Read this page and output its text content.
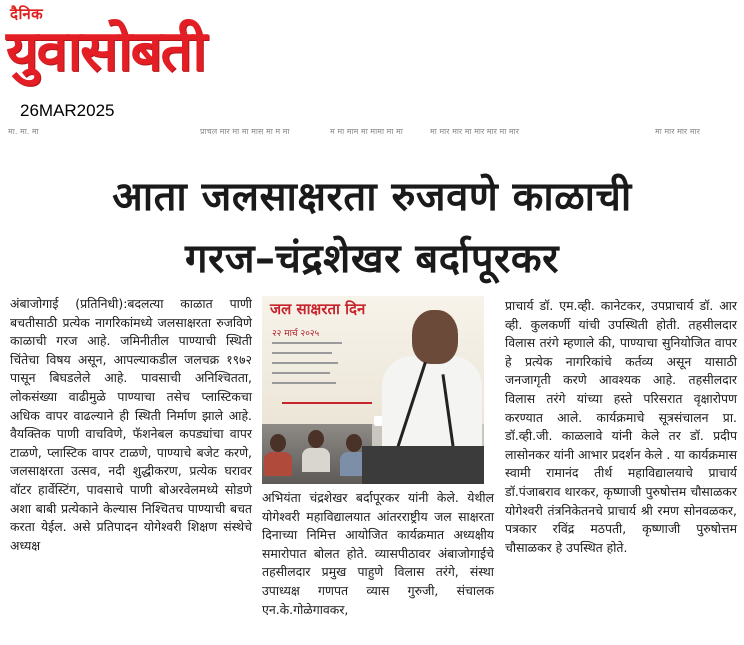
दैनिक
युवासोबती
26MAR2025
मा. मा. मा	प्राचल मार मा मा मास मा म मा	म मा माम मा मामा मा मा	मा मार मार मा मार मार मा मार	मा मार मार मार
आता जलसाक्षरता रुजवणे काळाची
गरज–चंद्रशेखर बर्दापूरकर

अंबाजोगाई (प्रतिनिधी):बदलत्या काळात पाणी बचतीसाठी प्रत्येक नागरिकांमध्ये जलसाक्षरता रुजविणे काळाची गरज आहे. जमिनीतील पाण्याची स्थिती चिंतेचा विषय असून, आपल्याकडील जलचक्र १९७२ पासून बिघडलेले आहे. पावसाची अनिश्चितता, लोकसंख्या वाढीमुळे पाण्याचा तसेच प्लास्टिकचा अधिक वापर वाढल्याने ही स्थिती निर्माण झाले आहे. वैयक्तिक पाणी वाचविणे, फॅशनेबल कपड्यांचा वापर टाळणे, प्लास्टिक वापर टाळणे, पाण्याचे बजेट करणे, जलसाक्षरता उत्सव, नदी शुद्धीकरण, प्रत्येक घरावर वॉटर हार्वेस्टिंग, पावसाचे पाणी बोअरवेलमध्ये सोडणे अशा बाबी प्रत्येकाने केल्यास निश्चितच पाण्याची बचत करता येईल. असे प्रतिपादन योगेश्वरी शिक्षण संस्थेचे अध्यक्ष

जल साक्षरता दिन
२२ मार्च २०२५

अभियंता चंद्रशेखर बर्दापूरकर यांनी केले. येथील योगेश्वरी महाविद्यालयात आंतरराष्ट्रीय जल साक्षरता दिनाच्या निमित्त आयोजित कार्यक्रमात अध्यक्षीय समारोपात बोलत होते. व्यासपीठावर अंबाजोगाईचे तहसीलदार प्रमुख पाहुणे विलास तरंगे, संस्था उपाध्यक्ष गणपत व्यास गुरुजी, संचालक एन.के.गोळेगावकर,

प्राचार्य डॉ. एम.व्ही. कानेटकर, उपप्राचार्य डॉ. आर व्ही. कुलकर्णी यांची उपस्थिती होती. तहसीलदार विलास तरंगे म्हणाले की, पाण्याचा सुनियोजित वापर हे प्रत्येक नागरिकांचे कर्तव्य असून यासाठी जनजागृती करणे आवश्यक आहे. तहसीलदार विलास तरंगे यांच्या हस्ते परिसरात वृक्षारोपण करण्यात आले. कार्यक्रमाचे सूत्रसंचालन प्रा. डॉ.व्ही.जी. काळलावे यांनी केले तर डॉ. प्रदीप लासोनकर यांनी आभार प्रदर्शन केले . या कार्यक्रमास स्वामी रामानंद तीर्थ महाविद्यालयाचे प्राचार्य डॉ.पंजाबराव थारकर, कृष्णाजी पुरुषोत्तम चौसाळकर योगेश्वरी तंत्रनिकेतनचे प्राचार्य श्री रमण सोनवळकर, पत्रकार रविंद्र मठपती, कृष्णाजी पुरुषोत्तम चौसाळकर हे उपस्थित होते.
